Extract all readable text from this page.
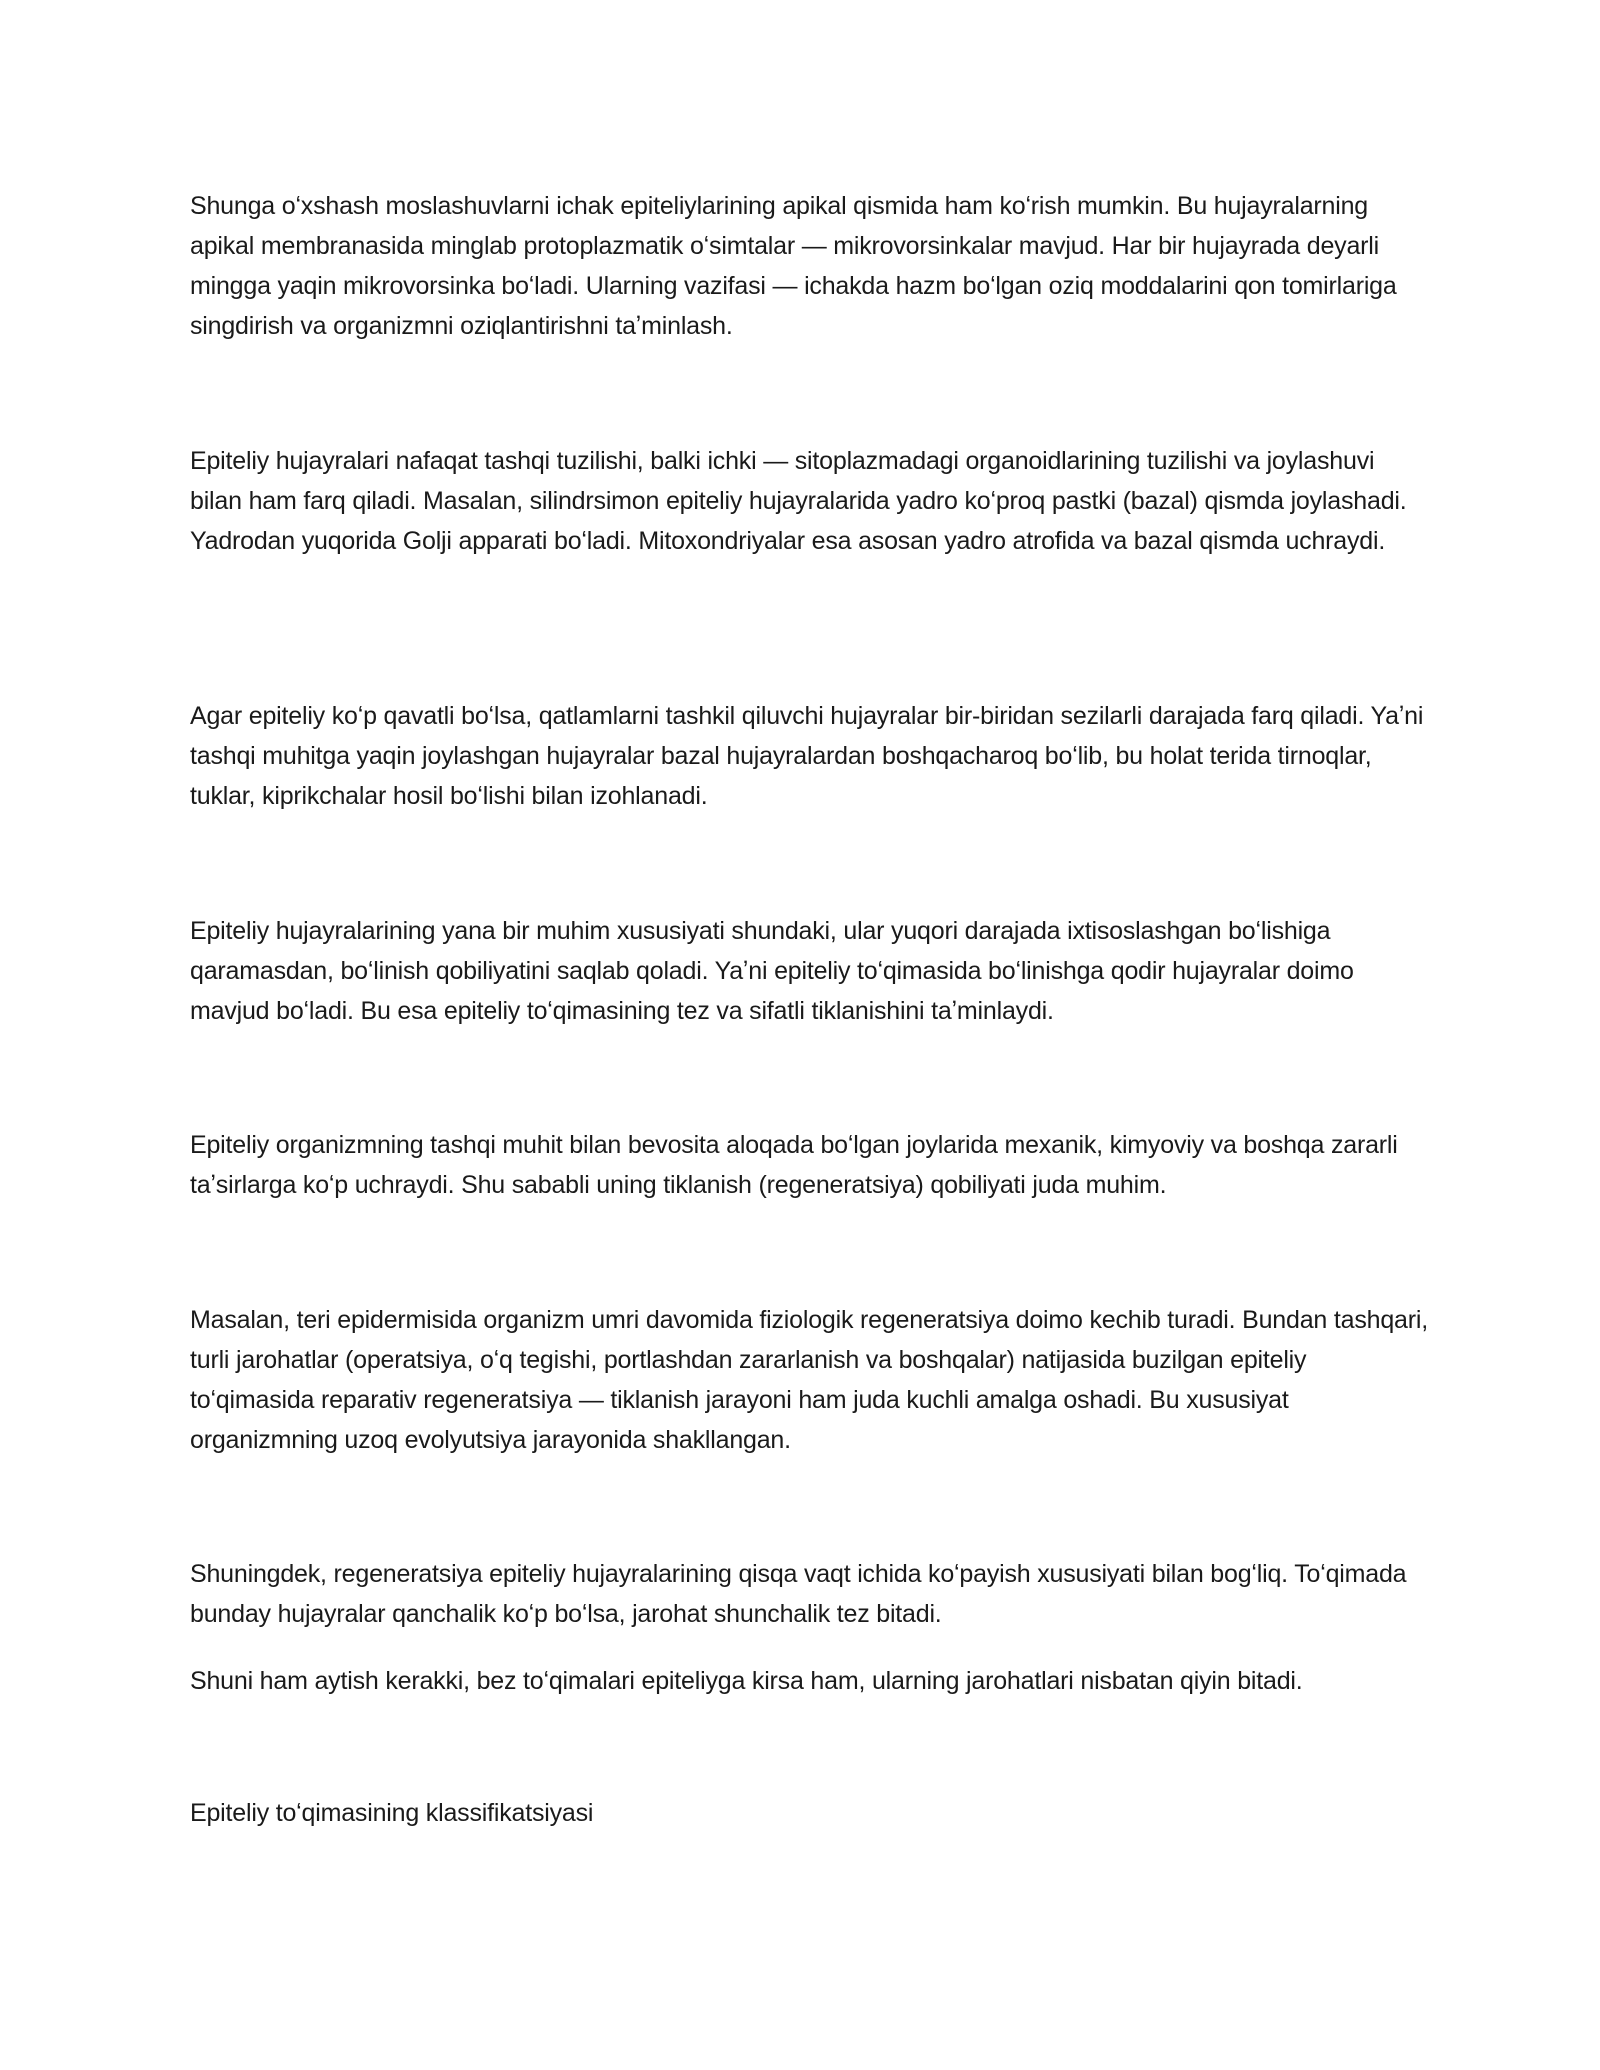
Shunga oʻxshash moslashuvlarni ichak epiteliylarining apikal qismida ham koʻrish mumkin. Bu hujayralarning apikal membranasida minglab protoplazmatik oʻsimtalar — mikrovorsinkalar mavjud. Har bir hujayrada deyarli mingga yaqin mikrovorsinka boʻladi. Ularning vazifasi — ichakda hazm boʻlgan oziq moddalarini qon tomirlariga singdirish va organizmni oziqlantirishni taʼminlash.

Epiteliy hujayralari nafaqat tashqi tuzilishi, balki ichki — sitoplazmadagi organoidlarining tuzilishi va joylashuvi bilan ham farq qiladi. Masalan, silindrsimon epiteliy hujayralarida yadro koʻproq pastki (bazal) qismda joylashadi. Yadrodan yuqorida Golji apparati boʻladi. Mitoxondriyalar esa asosan yadro atrofida va bazal qismda uchraydi.

Agar epiteliy koʻp qavatli boʻlsa, qatlamlarni tashkil qiluvchi hujayralar bir-biridan sezilarli darajada farq qiladi. Yaʼni tashqi muhitga yaqin joylashgan hujayralar bazal hujayralardan boshqacharoq boʻlib, bu holat terida tirnoqlar, tuklar, kiprikchalar hosil boʻlishi bilan izohlanadi.

Epiteliy hujayralarining yana bir muhim xususiyati shundaki, ular yuqori darajada ixtisoslashgan boʻlishiga qaramasdan, boʻlinish qobiliyatini saqlab qoladi. Yaʼni epiteliy toʻqimasida boʻlinishga qodir hujayralar doimo mavjud boʻladi. Bu esa epiteliy toʻqimasining tez va sifatli tiklanishini taʼminlaydi.

Epiteliy organizmning tashqi muhit bilan bevosita aloqada boʻlgan joylarida mexanik, kimyoviy va boshqa zararli taʼsirlarga koʻp uchraydi. Shu sababli uning tiklanish (regeneratsiya) qobiliyati juda muhim.

Masalan, teri epidermisida organizm umri davomida fiziologik regeneratsiya doimo kechib turadi. Bundan tashqari, turli jarohatlar (operatsiya, oʻq tegishi, portlashdan zararlanish va boshqalar) natijasida buzilgan epiteliy toʻqimasida reparativ regeneratsiya — tiklanish jarayoni ham juda kuchli amalga oshadi. Bu xususiyat organizmning uzoq evolyutsiya jarayonida shakllangan.

Shuningdek, regeneratsiya epiteliy hujayralarining qisqa vaqt ichida koʻpayish xususiyati bilan bogʻliq. Toʻqimada bunday hujayralar qanchalik koʻp boʻlsa, jarohat shunchalik tez bitadi.

Shuni ham aytish kerakki, bez toʻqimalari epiteliyga kirsa ham, ularning jarohatlari nisbatan qiyin bitadi.

Epiteliy toʻqimasining klassifikatsiyasi
